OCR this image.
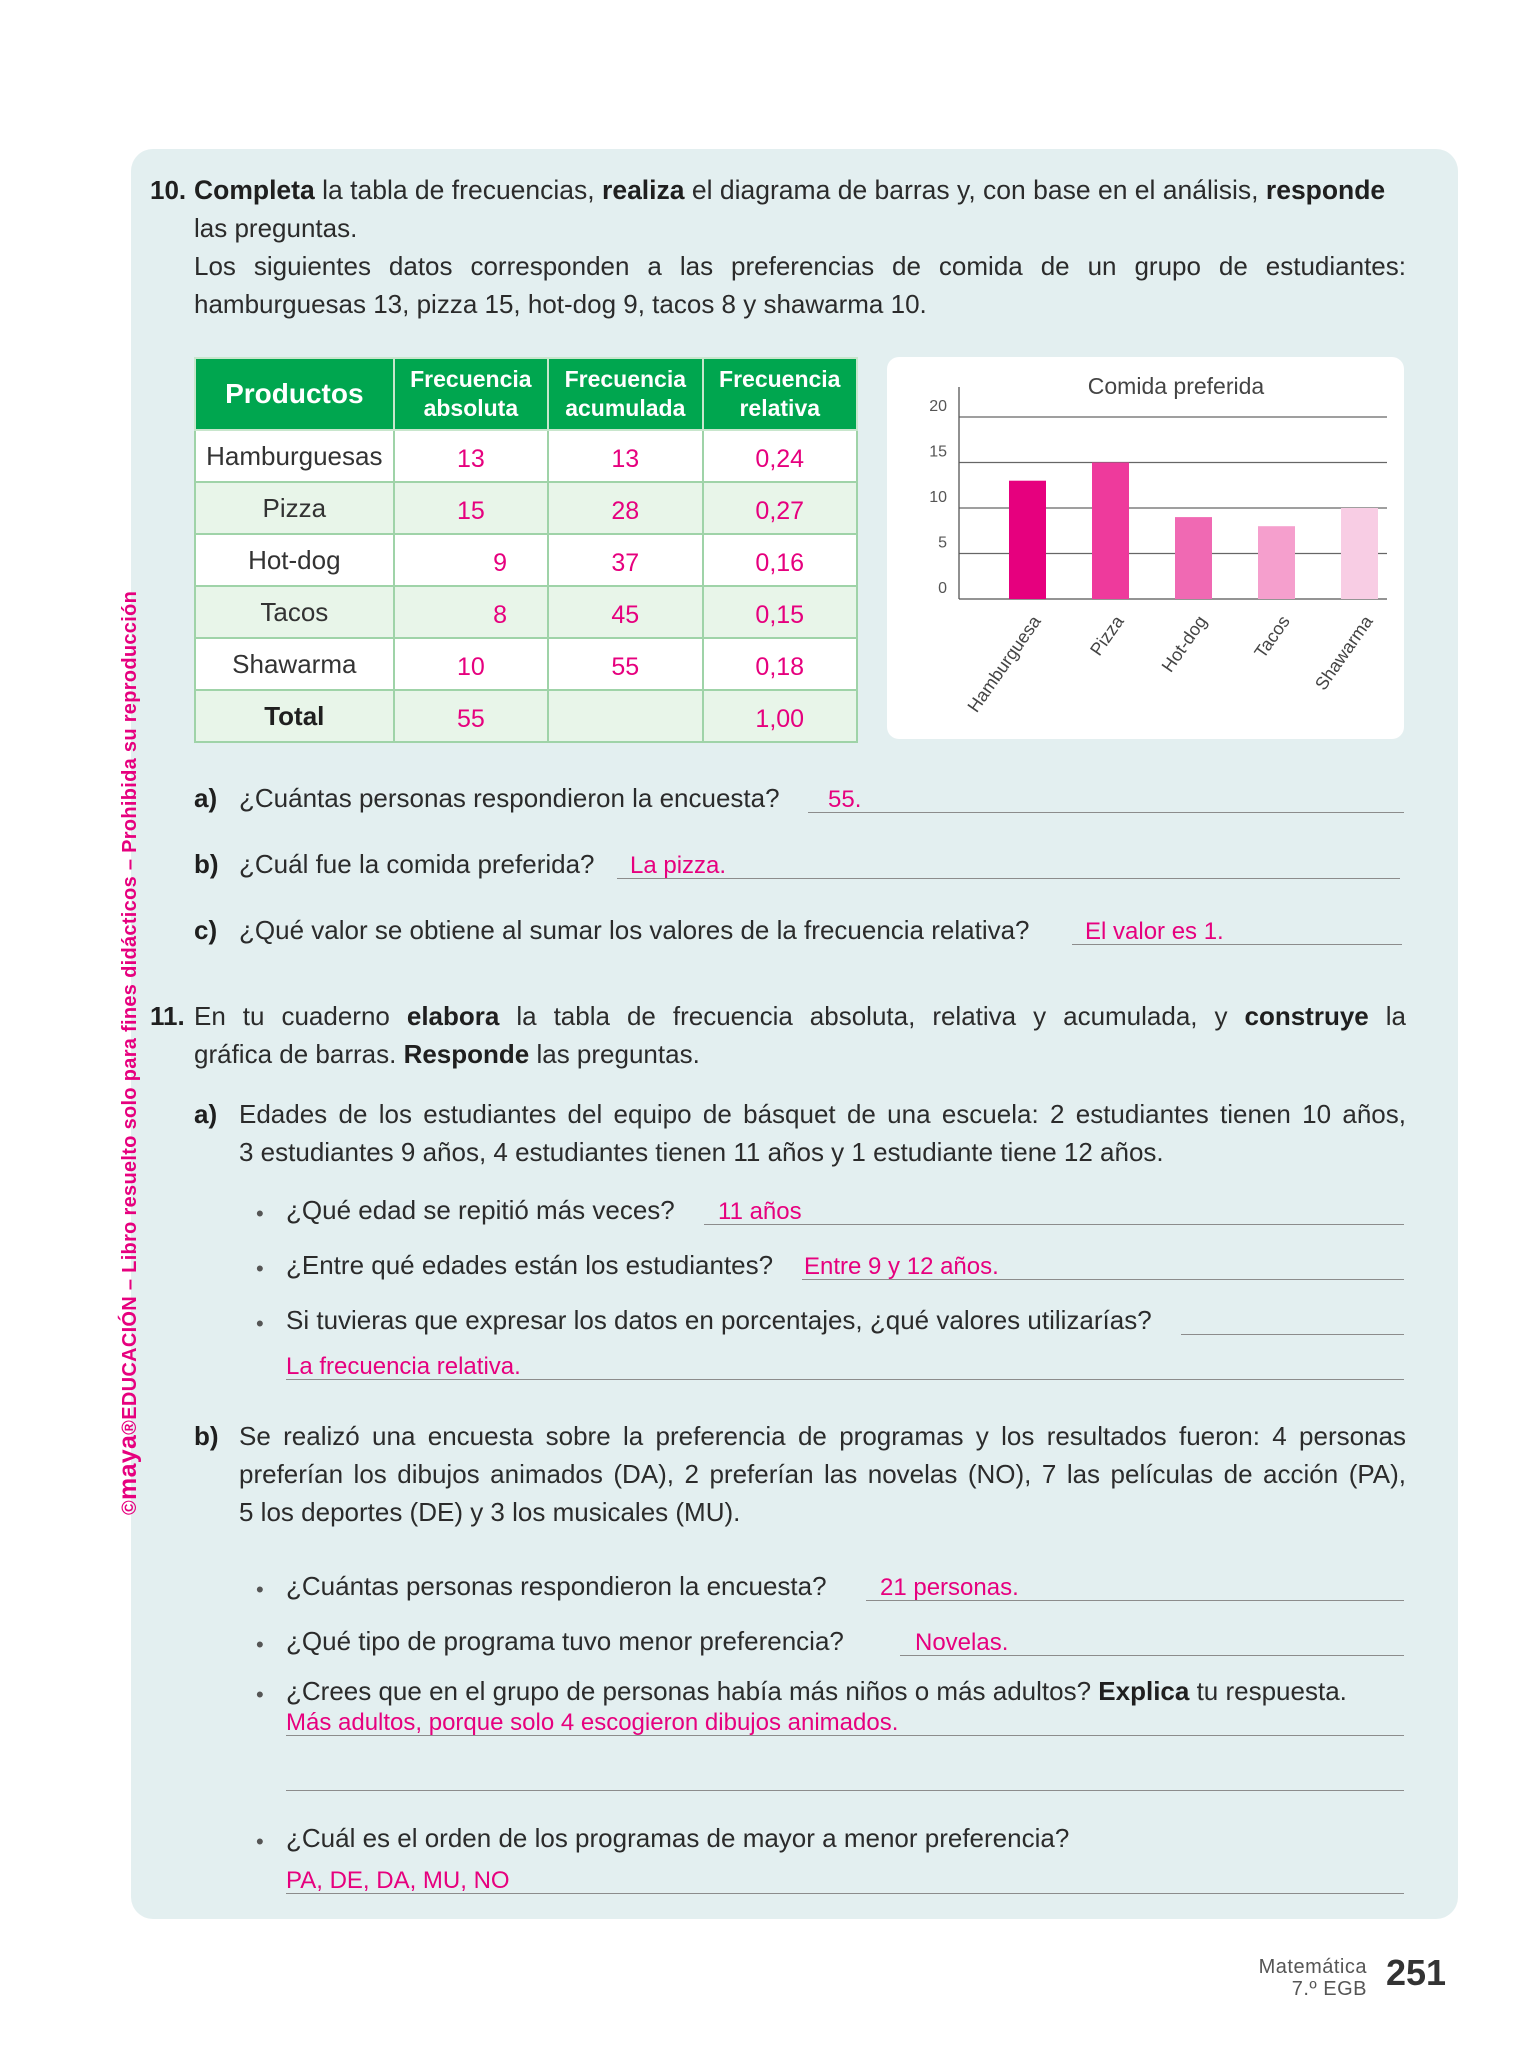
©maya®EDUCACIÓN – Libro resuelto solo para fines didácticos – Prohibida su reproducción
10. Completa la tabla de frecuencias, realiza el diagrama de barras y, con base en el análisis, responde
las preguntas.
Los siguientes datos corresponden a las preferencias de comida de un grupo de estudiantes:
hamburguesas 13, pizza 15, hot-dog 9, tacos 8 y shawarma 10.
Productos	Frecuencia absoluta	Frecuencia acumulada	Frecuencia relativa
Hamburguesas	13	13	0,24
Pizza	15	28	0,27
Hot-dog	9	37	0,16
Tacos	8	45	0,15
Shawarma	10	55	0,18
Total	55		1,00
Comida preferida
0
5
10
15
20
Hamburguesa Pizza Hot-dog Tacos Shawarma
a) ¿Cuántas personas respondieron la encuesta? 55.
b) ¿Cuál fue la comida preferida? La pizza.
c) ¿Qué valor se obtiene al sumar los valores de la frecuencia relativa? El valor es 1.
11. En tu cuaderno elabora la tabla de frecuencia absoluta, relativa y acumulada, y construye la
gráfica de barras. Responde las preguntas.
a) Edades de los estudiantes del equipo de básquet de una escuela: 2 estudiantes tienen 10 años,
3 estudiantes 9 años, 4 estudiantes tienen 11 años y 1 estudiante tiene 12 años.
• ¿Qué edad se repitió más veces? 11 años
• ¿Entre qué edades están los estudiantes? Entre 9 y 12 años.
• Si tuvieras que expresar los datos en porcentajes, ¿qué valores utilizarías?
La frecuencia relativa.
b) Se realizó una encuesta sobre la preferencia de programas y los resultados fueron: 4 personas
preferían los dibujos animados (DA), 2 preferían las novelas (NO), 7 las películas de acción (PA),
5 los deportes (DE) y 3 los musicales (MU).
• ¿Cuántas personas respondieron la encuesta? 21 personas.
• ¿Qué tipo de programa tuvo menor preferencia?	Novelas.
• ¿Crees que en el grupo de personas había más niños o más adultos? Explica tu respuesta.
Más adultos, porque solo 4 escogieron dibujos animados.
• ¿Cuál es el orden de los programas de mayor a menor preferencia?
PA, DE, DA, MU, NO
Matemática
7.º EGB 251
